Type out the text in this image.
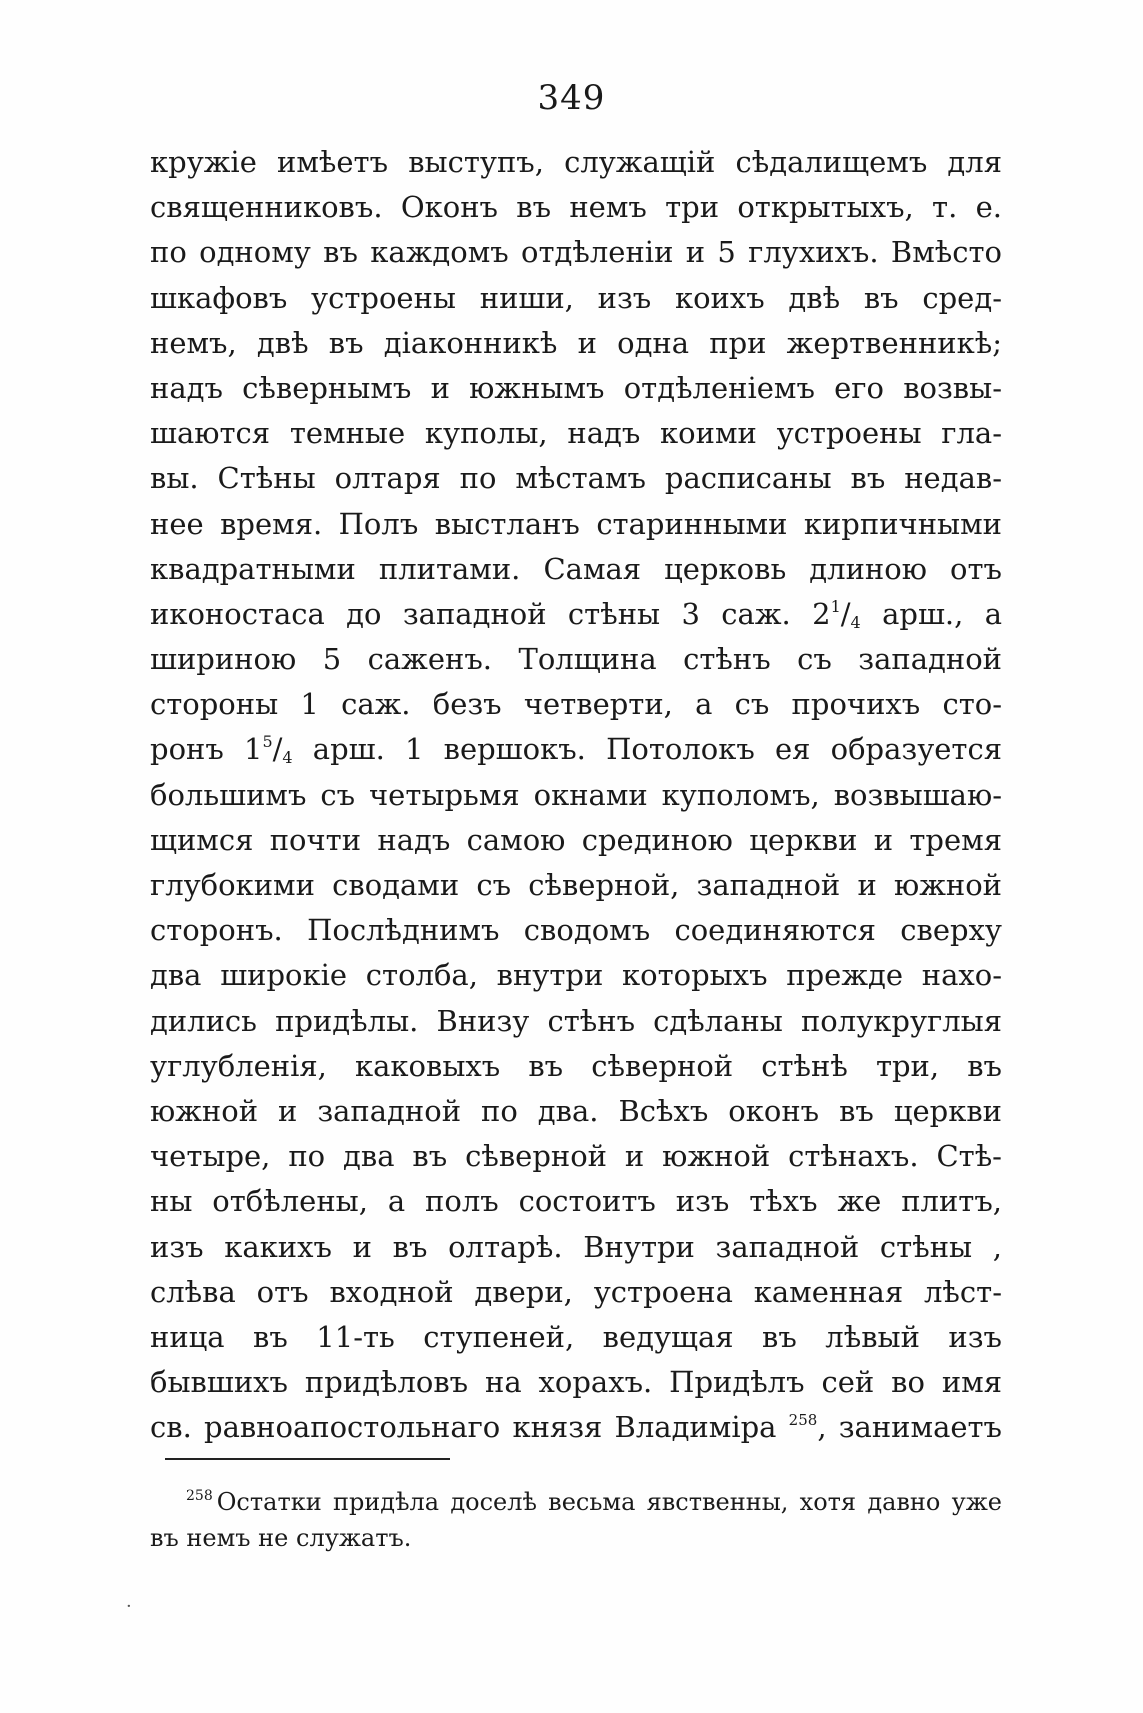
349
кружіе имѣетъ выступъ, служащій сѣдалищемъ для
священниковъ. Оконъ въ немъ три открытыхъ, т. е.
по одному въ каждомъ отдѣленіи и 5 глухихъ. Вмѣсто
шкафовъ устроены ниши, изъ коихъ двѣ въ сред-
немъ, двѣ въ діаконникѣ и одна при жертвенникѣ;
надъ сѣвернымъ и южнымъ отдѣленіемъ его возвы-
шаются темные куполы, надъ коими устроены гла-
вы. Стѣны олтаря по мѣстамъ расписаны въ недав-
нее время. Полъ выстланъ старинными кирпичными
квадратными плитами. Самая церковь длиною отъ
иконостаса до западной стѣны 3 саж. $2^1/4$ арш., а
шириною 5 саженъ. Толщина стѣнъ съ западной
стороны 1 саж. безъ четверти, а съ прочихъ сто-
ронъ $1^5/4$ арш. 1 вершокъ. Потолокъ ея образуется
большимъ съ четырьмя окнами куполомъ, возвышаю-
щимся почти надъ самою срединою церкви и тремя
глубокими сводами съ сѣверной, западной и южной
сторонъ. Послѣднимъ сводомъ соединяются сверху
два широкіе столба, внутри которыхъ прежде нахо-
дились придѣлы. Внизу стѣнъ сдѣланы полукруглыя
углубленія, каковыхъ въ сѣверной стѣнѣ три, въ
южной и западной по два. Всѣхъ оконъ въ церкви
четыре, по два въ сѣверной и южной стѣнахъ. Стѣ-
ны отбѣлены, а полъ состоитъ изъ тѣхъ же плитъ,
изъ какихъ и въ олтарѣ. Внутри западной стѣны ,
слѣва отъ входной двери, устроена каменная лѣст-
ница въ 11-ть ступеней, ведущая въ лѣвый изъ
бывшихъ придѣловъ на хорахъ. Придѣлъ сей во имя
св. равноапостольнаго князя Владиміра $^{258}$, занимаетъ
$^{258}$ Остатки придѣла доселѣ весьма явственны, хотя давно уже
въ немъ не служатъ.
·
